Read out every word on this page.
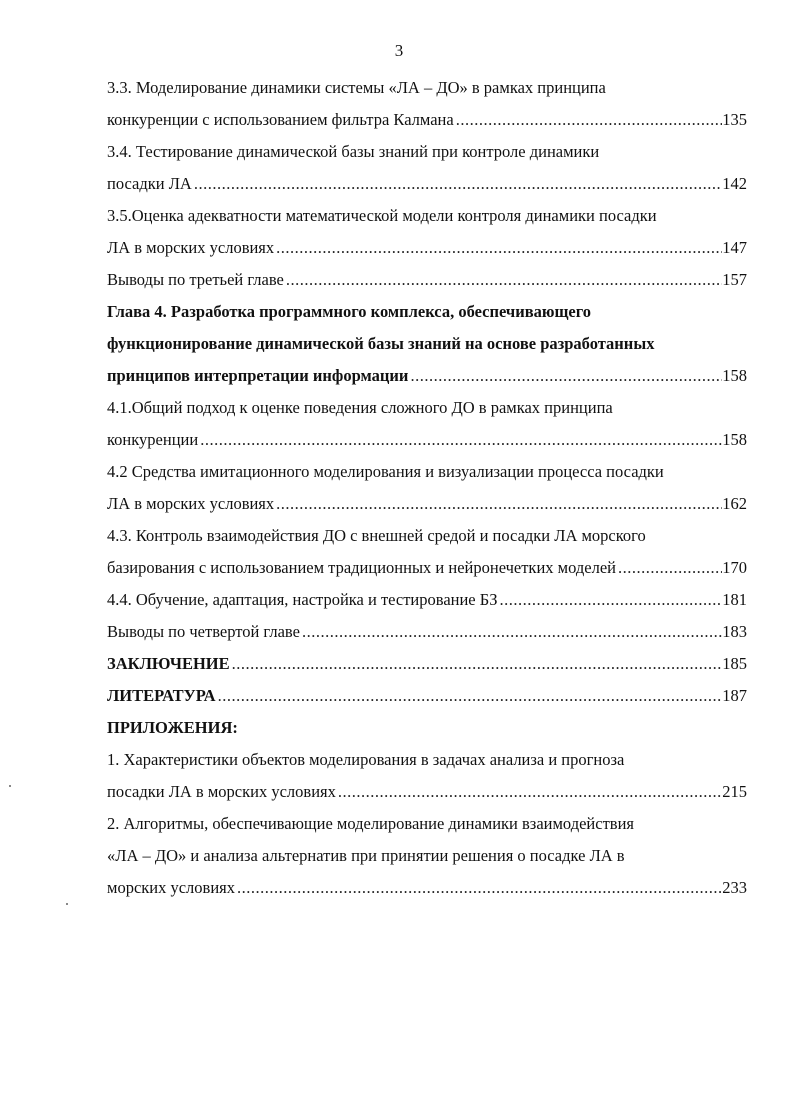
3
3.3. Моделирование динамики системы «ЛА – ДО» в рамках принципа
конкуренции с использованием фильтра Калмана .....	135
3.4. Тестирование динамической базы знаний при контроле динамики
посадки ЛА .....	142
3.5.Оценка адекватности математической модели контроля динамики посадки
ЛА в морских условиях .....	147
Выводы по третьей главе .....	157
Глава 4. Разработка программного комплекса, обеспечивающего
функционирование динамической базы знаний на основе разработанных
принципов интерпретации информации .....	158
4.1.Общий подход к оценке поведения сложного ДО в рамках принципа
конкуренции .....	158
4.2 Средства имитационного моделирования и визуализации процесса посадки
ЛА в морских условиях .....	162
4.3. Контроль взаимодействия ДО с внешней средой и посадки ЛА морского
базирования с использованием традиционных и нейронечетких моделей .....	170
4.4. Обучение, адаптация, настройка и тестирование БЗ .....	181
Выводы по четвертой главе .....	183
ЗАКЛЮЧЕНИЕ .....	185
ЛИТЕРАТУРА .....	187
ПРИЛОЖЕНИЯ:
1. Характеристики объектов моделирования в задачах анализа и прогноза
посадки ЛА в морских условиях .....	215
2. Алгоритмы, обеспечивающие моделирование динамики взаимодействия
«ЛА – ДО» и анализа альтернатив при принятии решения о посадке ЛА в
морских условиях .....	233
